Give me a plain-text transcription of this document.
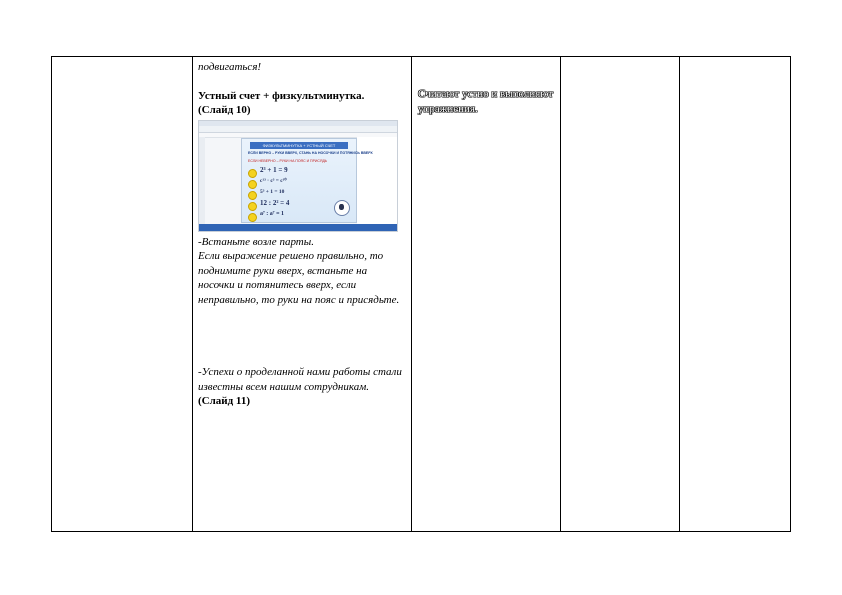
подвигаться!

Устный счет + физкультминутка.

(Слайд 10)

ФИЗКУЛЬТМИНУТКА + УСТНЫЙ СЧЕТ
ЕСЛИ ВЕРНО – РУКИ ВВЕРХ, СТАНЬ НА НОСОЧКИ И ПОТЯНИСЬ ВВЕРХ
ЕСЛИ НЕВЕРНО – РУКИ НА ПОЯС И ПРИСЯДЬ
2³ + 1 = 9
c¹³ · c³ = c¹⁰
5³ + 1 = 10
12 : 2² = 4
a⁷ : a⁷ = 1

-Встаньте возле парты.

Если выражение решено правильно, то поднимите руки вверх, встаньте на носочки и потянитесь вверх, если неправильно, то руки на пояс и присядьте.

-Успехи о проделанной нами работы стали известны всем нашим сотрудникам.

(Слайд 11)

Считают устно и выполняют упражнения.
